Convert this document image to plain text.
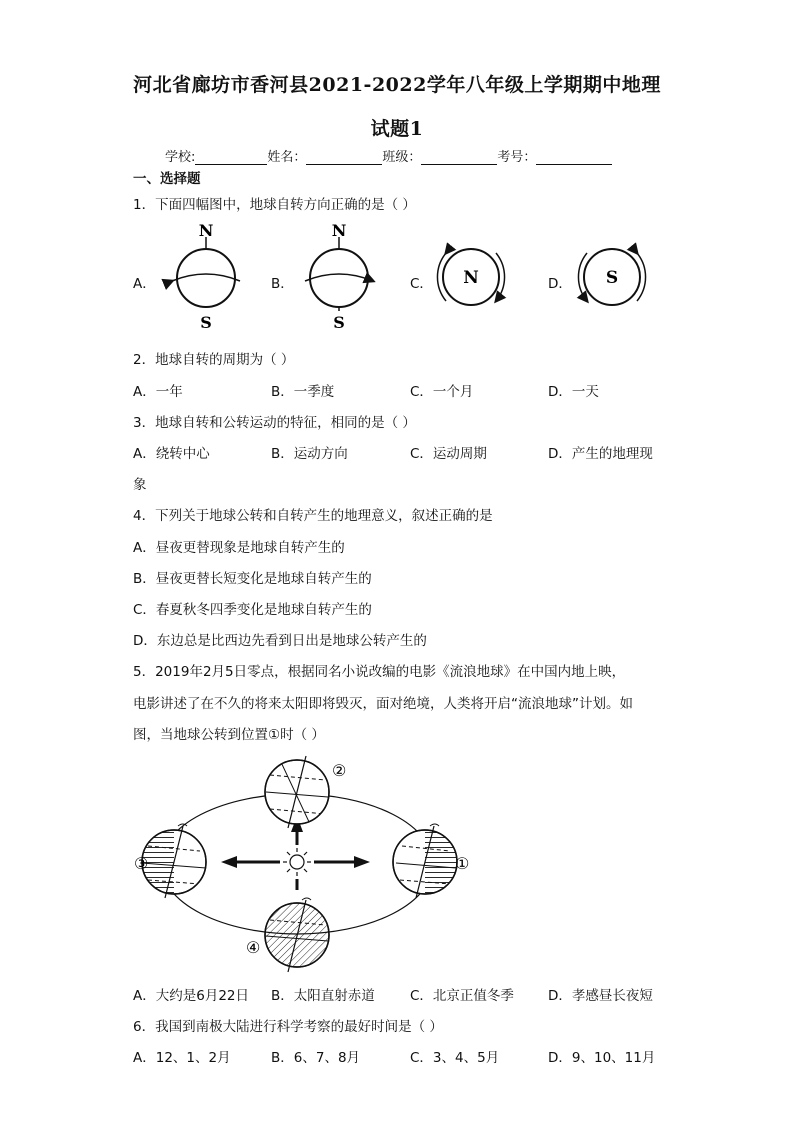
河北省廊坊市香河县2021-2022学年八年级上学期期中地理
试题1
学校:	姓名：	班级：	考号：
一、选择题
1．下面四幅图中，地球自转方向正确的是（ ）
A．	B．	C．	D．
N
S
N
S
N	S
2．地球自转的周期为（ ）
A．一年	B．一季度	C．一个月	D．一天
3．地球自转和公转运动的特征，相同的是（ ）
A．绕转中心	B．运动方向	C．运动周期	D．产生的地理现
象
4．下列关于地球公转和自转产生的地理意义，叙述正确的是
A．昼夜更替现象是地球自转产生的
B．昼夜更替长短变化是地球自转产生的
C．春夏秋冬四季变化是地球自转产生的
D．东边总是比西边先看到日出是地球公转产生的
5．2019年2月5日零点，根据同名小说改编的电影《流浪地球》在中国内地上映，
电影讲述了在不久的将来太阳即将毁灭，面对绝境，人类将开启“流浪地球”计划。如
图，当地球公转到位置①时（ ）
①
②
③
④
A．大约是6月22日 B．太阳直射赤道	C．北京正值冬季	D．孝感昼长夜短
6．我国到南极大陆进行科学考察的最好时间是（ ）
A．12、1、2月	B．6、7、8月	C．3、4、5月	D．9、10、11月
